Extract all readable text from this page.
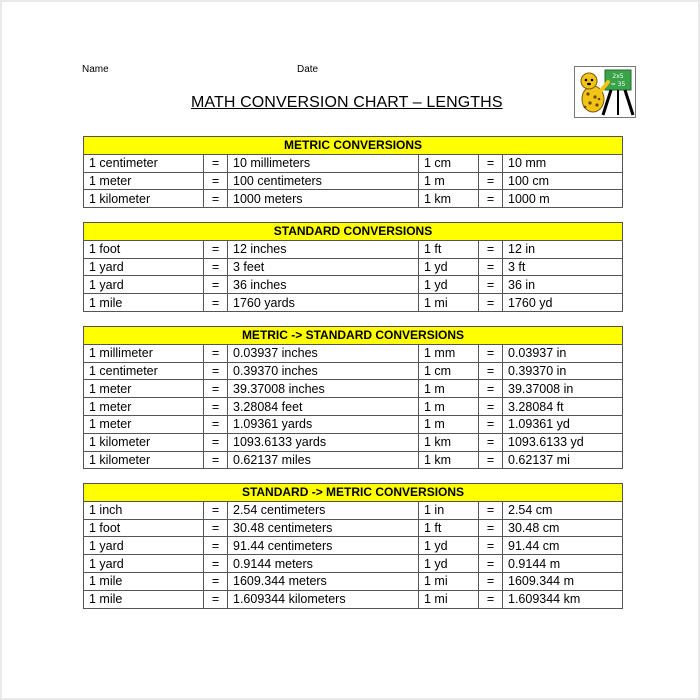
Name	Date
MATH CONVERSION CHART – LENGTHS
2x5
= 35
METRIC CONVERSIONS					
1 centimeter	=	10 millimeters	1 cm	=	10 mm
1 meter	=	100 centimeters	1 m	=	100 cm
1 kilometer	=	1000 meters	1 km	=	1000 m
STANDARD CONVERSIONS					
1 foot	=	12 inches	1 ft	=	12 in
1 yard	=	3 feet	1 yd	=	3 ft
1 yard	=	36 inches	1 yd	=	36 in
1 mile	=	1760 yards	1 mi	=	1760 yd
METRIC -> STANDARD CONVERSIONS					
1 millimeter	=	0.03937 inches	1 mm	=	0.03937 in
1 centimeter	=	0.39370 inches	1 cm	=	0.39370 in
1 meter	=	39.37008 inches	1 m	=	39.37008 in
1 meter	=	3.28084 feet	1 m	=	3.28084 ft
1 meter	=	1.09361 yards	1 m	=	1.09361 yd
1 kilometer	=	1093.6133 yards	1 km	=	1093.6133 yd
1 kilometer	=	0.62137 miles	1 km	=	0.62137 mi
STANDARD -> METRIC CONVERSIONS					
1 inch	=	2.54 centimeters	1 in	=	2.54 cm
1 foot	=	30.48 centimeters	1 ft	=	30.48 cm
1 yard	=	91.44 centimeters	1 yd	=	91.44 cm
1 yard	=	0.9144 meters	1 yd	=	0.9144 m
1 mile	=	1609.344 meters	1 mi	=	1609.344 m
1 mile	=	1.609344 kilometers	1 mi	=	1.609344 km
